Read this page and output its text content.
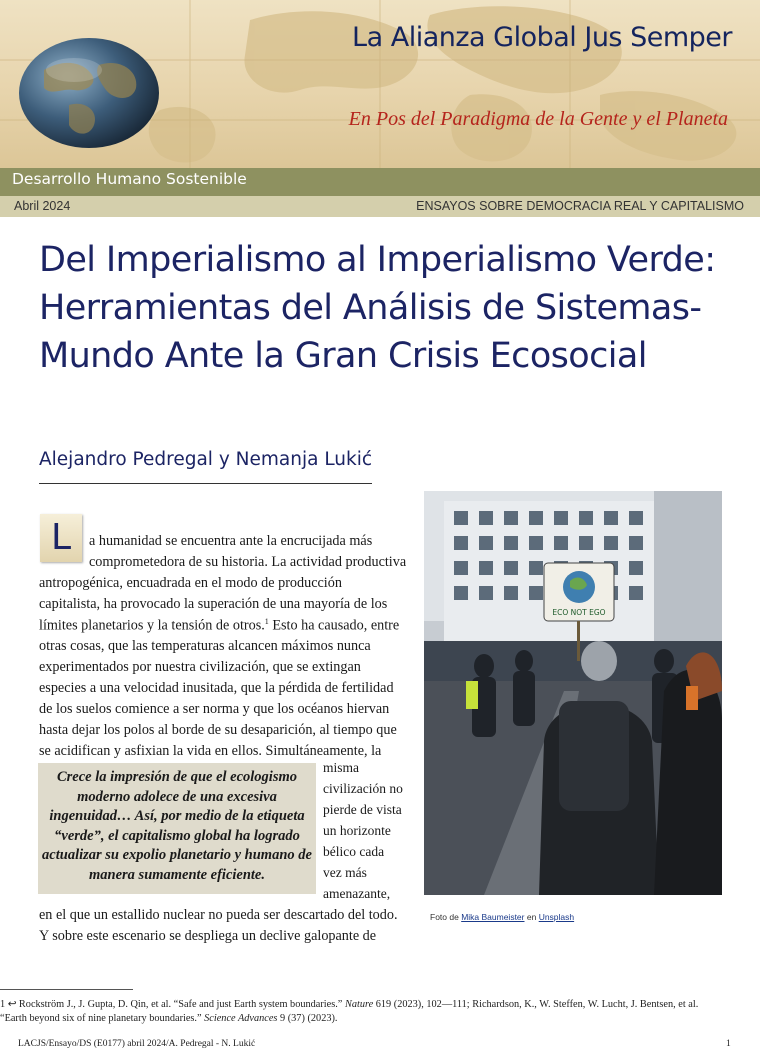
La Alianza Global Jus Semper
En Pos del Paradigma de la Gente y el Planeta
Desarrollo Humano Sostenible
Abril 2024	ENSAYOS SOBRE DEMOCRACIA REAL Y CAPITALISMO
Del Imperialismo al Imperialismo Verde:
Herramientas del Análisis de Sistemas-
Mundo Ante la Gran Crisis Ecosocial
Alejandro Pedregal y Nemanja Lukić
L	a humanidad se encuentra ante la encrucijada más
comprometedora de su historia. La actividad productiva
antropogénica, encuadrada en el modo de producción
capitalista, ha provocado la superación de una mayoría de los
límites planetarios y la tensión de otros.$^1$ Esto ha causado, entre
otras cosas, que las temperaturas alcancen máximos nunca
experimentados por nuestra civilización, que se extingan
especies a una velocidad inusitada, que la pérdida de fertilidad
de los suelos comience a ser norma y que los océanos hiervan
hasta dejar los polos al borde de su desaparición, al tiempo que
se acidifican y asfixian la vida en ellos. Simultáneamente, la
misma
civilización no
pierde de vista
un horizonte
bélico cada
vez más
amenazante,
en el que un estallido nuclear no pueda ser descartado del todo.
Y sobre este escenario se despliega un declive galopante de

Crece la impresión de que el ecologismo moderno adolece de una excesiva ingenuidad… Así, por medio de la etiqueta “verde”, el capitalismo global ha logrado actualizar su expolio planetario y humano de manera sumamente eficiente.

ECO NOT EGO
Foto de Mika Baumeister en Unsplash
1 ↩ Rockström J., J. Gupta, D. Qin, et al. “Safe and just Earth system boundaries.” Nature 619 (2023), 102—111; Richardson, K., W. Steffen, W. Lucht, J. Bentsen, et al.
“Earth beyond six of nine planetary boundaries.” Science Advances 9 (37) (2023).
LACJS/Ensayo/DS (E0177) abril 2024/A. Pedregal - N. Lukić	1
